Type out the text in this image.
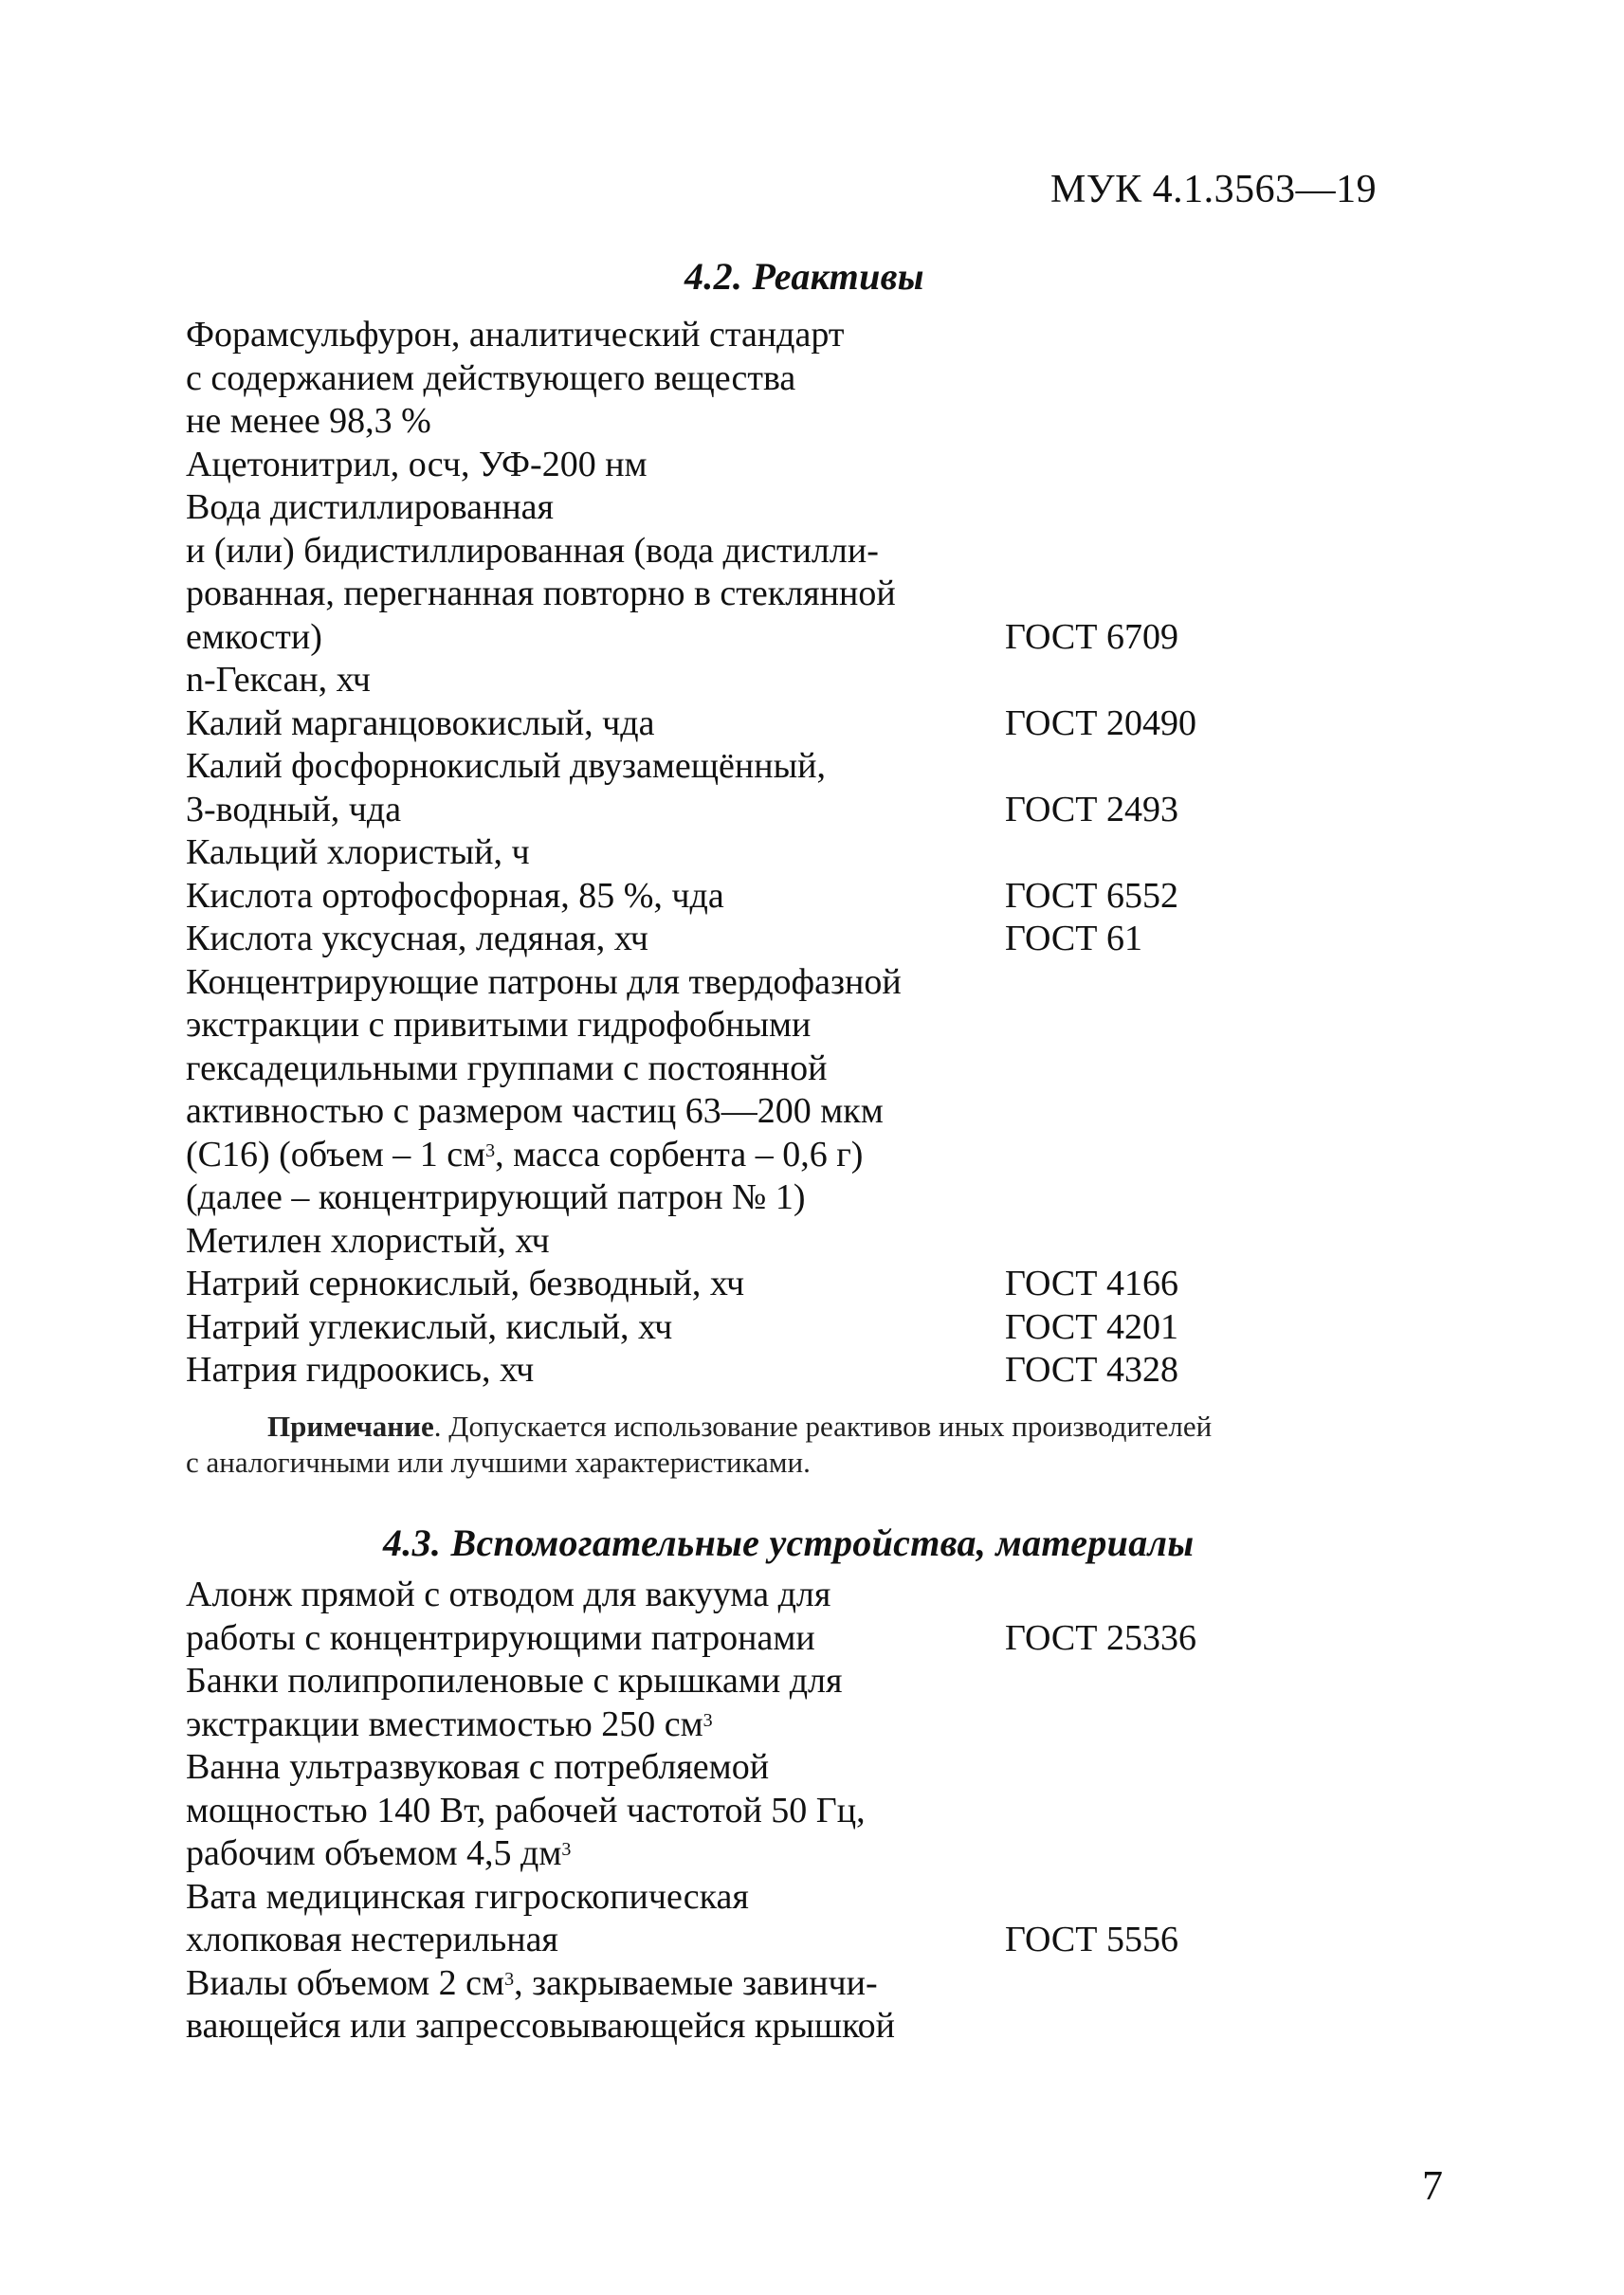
МУК 4.1.3563—19
4.2. Реактивы
Форамсульфурон, аналитический стандарт
с содержанием действующего вещества
не менее 98,3 %
Ацетонитрил, осч, УФ-200 нм
Вода дистиллированная
и (или) бидистиллированная (вода дистилли-
рованная, перегнанная повторно в стеклянной
емкости)	ГОСТ 6709
n-Гексан, хч
Калий марганцовокислый, чда	ГОСТ 20490
Калий фосфорнокислый двузамещённый,
3-водный, чда	ГОСТ 2493
Кальций хлористый, ч
Кислота ортофосфорная, 85 %, чда	ГОСТ 6552
Кислота уксусная, ледяная, хч	ГОСТ 61
Концентрирующие патроны для твердофазной
экстракции с привитыми гидрофобными
гексадецильными группами с постоянной
активностью с размером частиц 63—200 мкм
(С16) (объем – 1 $см^3$, масса сорбента – 0,6 г)
(далее – концентрирующий патрон № 1)
Метилен хлористый, хч
Натрий сернокислый, безводный, хч	ГОСТ 4166
Натрий углекислый, кислый, хч	ГОСТ 4201
Натрия гидроокись, хч	ГОСТ 4328
Примечание. Допускается использование реактивов иных производителей
с аналогичными или лучшими характеристиками.
4.3. Вспомогательные устройства, материалы
Алонж прямой с отводом для вакуума для
работы с концентрирующими патронами	ГОСТ 25336
Банки полипропиленовые с крышками для
экстракции вместимостью 250 $см^3$
Ванна ультразвуковая с потребляемой
мощностью 140 Вт, рабочей частотой 50 Гц,
рабочим объемом 4,5 $дм^3$
Вата медицинская гигроскопическая
хлопковая нестерильная	ГОСТ 5556
Виалы объемом 2 $см^3$, закрываемые завинчи-
вающейся или запрессовывающейся крышкой
7
